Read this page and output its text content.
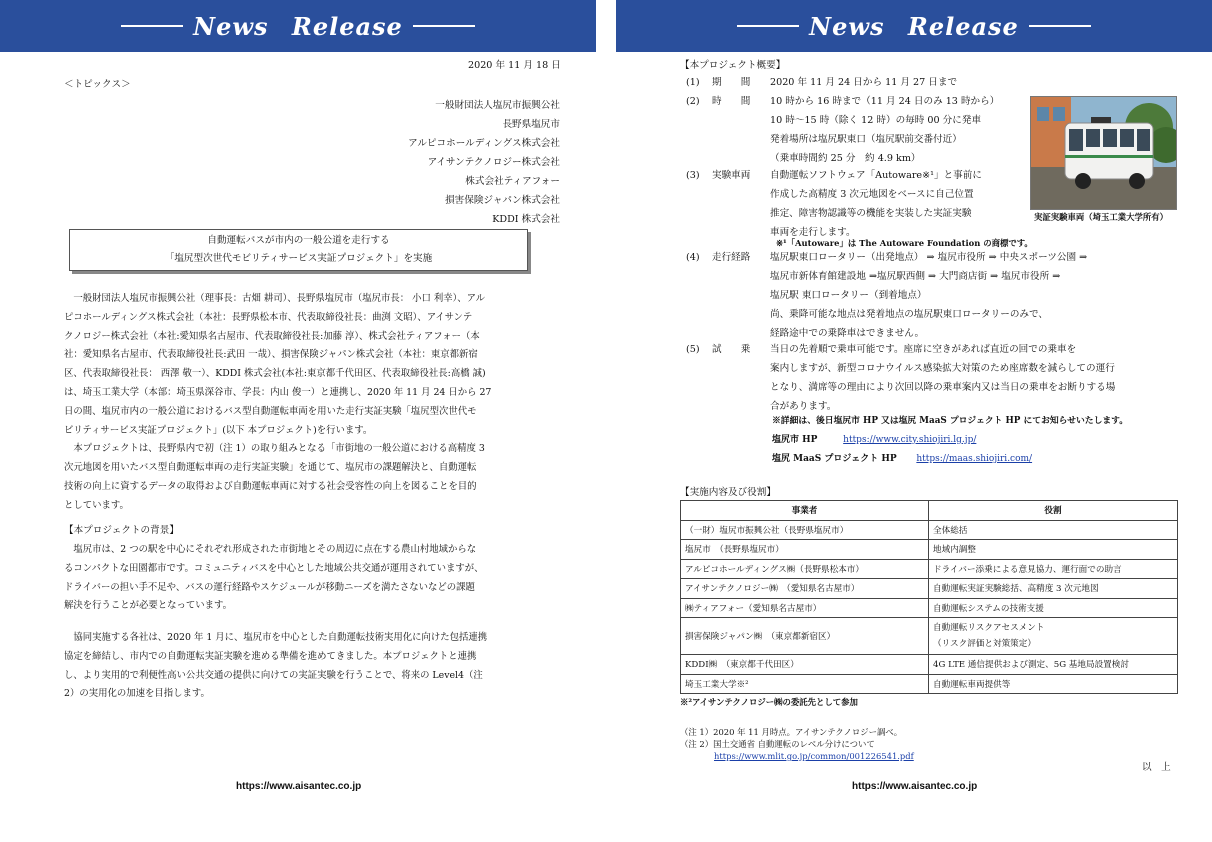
News Release
2020 年 11 月 18 日
＜トピックス＞
一般財団法人塩尻市振興公社
長野県塩尻市
アルピコホールディングス株式会社
アイサンテクノロジー株式会社
株式会社ティアフォー
損害保険ジャパン株式会社
KDDI 株式会社
自動運転バスが市内の一般公道を走行する
「塩尻型次世代モビリティサービス実証プロジェクト」を実施

　一般財団法人塩尻市振興公社（理事長：古畑 耕司）、長野県塩尻市（塩尻市長： 小口 利幸）、アル

ピコホールディングス株式会社（本社：長野県松本市、代表取締役社長：曲渕 文昭）、アイサンテ

クノロジー株式会社（本社:愛知県名古屋市、代表取締役社長:加藤 淳）、株式会社ティアフォー（本

社：愛知県名古屋市、代表取締役社長:武田 一哉）、損害保険ジャパン株式会社（本社：東京都新宿

区、代表取締役社長： 西澤 敬一）、KDDI 株式会社(本社:東京都千代田区、代表取締役社長:高橋 誠)

は、埼玉工業大学（本部：埼玉県深谷市、学長：内山 俊一）と連携し、2020 年 11 月 24 日から 27

日の間、塩尻市内の一般公道におけるバス型自動運転車両を用いた走行実証実験「塩尻型次世代モ

ビリティサービス実証プロジェクト」(以下 本プロジェクト)を行います。

　本プロジェクトは、長野県内で初（注 1）の取り組みとなる「市街地の一般公道における高精度 3

次元地図を用いたバス型自動運転車両の走行実証実験」を通じて、塩尻市の課題解決と、自動運転

技術の向上に資するデータの取得および自動運転車両に対する社会受容性の向上を図ることを目的

としています。

【本プロジェクトの背景】

　塩尻市は、2 つの駅を中心にそれぞれ形成された市街地とその周辺に点在する農山村地域からな

るコンパクトな田園都市です。コミュニティバスを中心とした地域公共交通が運用されていますが、

ドライバーの担い手不足や、バスの運行経路やスケジュールが移動ニーズを満たさないなどの課題

解決を行うことが必要となっています。

　協同実施する各社は、2020 年 1 月に、塩尻市を中心とした自動運転技術実用化に向けた包括連携

協定を締結し、市内での自動運転実証実験を進める準備を進めてきました。本プロジェクトと連携

し、より実用的で利便性高い公共交通の提供に向けての実証実験を行うことで、将来の Level4（注

2）の実用化の加速を目指します。

https://www.aisantec.co.jp
News Release
【本プロジェクト概要】
(1) 期　　間 2020 年 11 月 24 日から 11 月 27 日まで
(2) 時　　間 10 時から 16 時まで（11 月 24 日のみ 13 時から）
10 時～15 時（除く 12 時）の毎時 00 分に発車
発着場所は塩尻駅東口（塩尻駅前交番付近）
（乗車時間約 25 分　約 4.9 km）
(3) 実験車両 自動運転ソフトウェア「Autoware※¹」と事前に
作成した高精度 3 次元地図をベースに自己位置
推定、障害物認識等の機能を実装した実証実験
車両を走行します。
※¹「Autoware」は The Autoware Foundation の商標です。
実証実験車両（埼玉工業大学所有）
(4) 走行経路 塩尻駅東口ロータリー（出発地点） ⇒ 塩尻市役所 ⇒ 中央スポーツ公園 ⇒
塩尻市新体育館建設地 ⇒塩尻駅西側 ⇒ 大門商店街 ⇒ 塩尻市役所 ⇒
塩尻駅 東口ロータリー（到着地点）
尚、乗降可能な地点は発着地点の塩尻駅東口ロータリーのみで、
経路途中での乗降車はできません。
(5) 試　　乗 当日の先着順で乗車可能です。座席に空きがあれば直近の回での乗車を
案内しますが、新型コロナウイルス感染拡大対策のため座席数を減らしての運行
となり、満席等の理由により次回以降の乗車案内又は当日の乗車をお断りする場
合があります。
※詳細は、後日塩尻市 HP 又は塩尻 MaaS プロジェクト HP にてお知らせいたします。
塩尻市 HP	https://www.city.shiojiri.lg.jp/
塩尻 MaaS プロジェクト HP https://maas.shiojiri.com/
【実施内容及び役割】
事業者	役割
（一財）塩尻市振興公社（長野県塩尻市）	全体総括
塩尻市　（長野県塩尻市）	地域内調整
アルピコホールディングス㈱（長野県松本市）	ドライバー添乗による意見協力、運行面での助言
アイサンテクノロジー㈱　（愛知県名古屋市）	自動運転実証実験総括、高精度 3 次元地図
㈱ティアフォー（愛知県名古屋市）	自動運転システムの技術支援
損害保険ジャパン㈱　（東京都新宿区）	自動運転リスクアセスメント
（リスク評価と対策策定）

KDDI㈱　（東京都千代田区）	4G LTE 通信提供および測定、5G 基地局設置検討
埼玉工業大学※²	自動運転車両提供等
※²アイサンテクノロジー㈱の委託先として参加
（注 1）2020 年 11 月時点。アイサンテクノロジー調べ。
（注 2）国土交通省 自動運転のレベル分けについて
https://www.mlit.go.jp/common/001226541.pdf
以　上
https://www.aisantec.co.jp
